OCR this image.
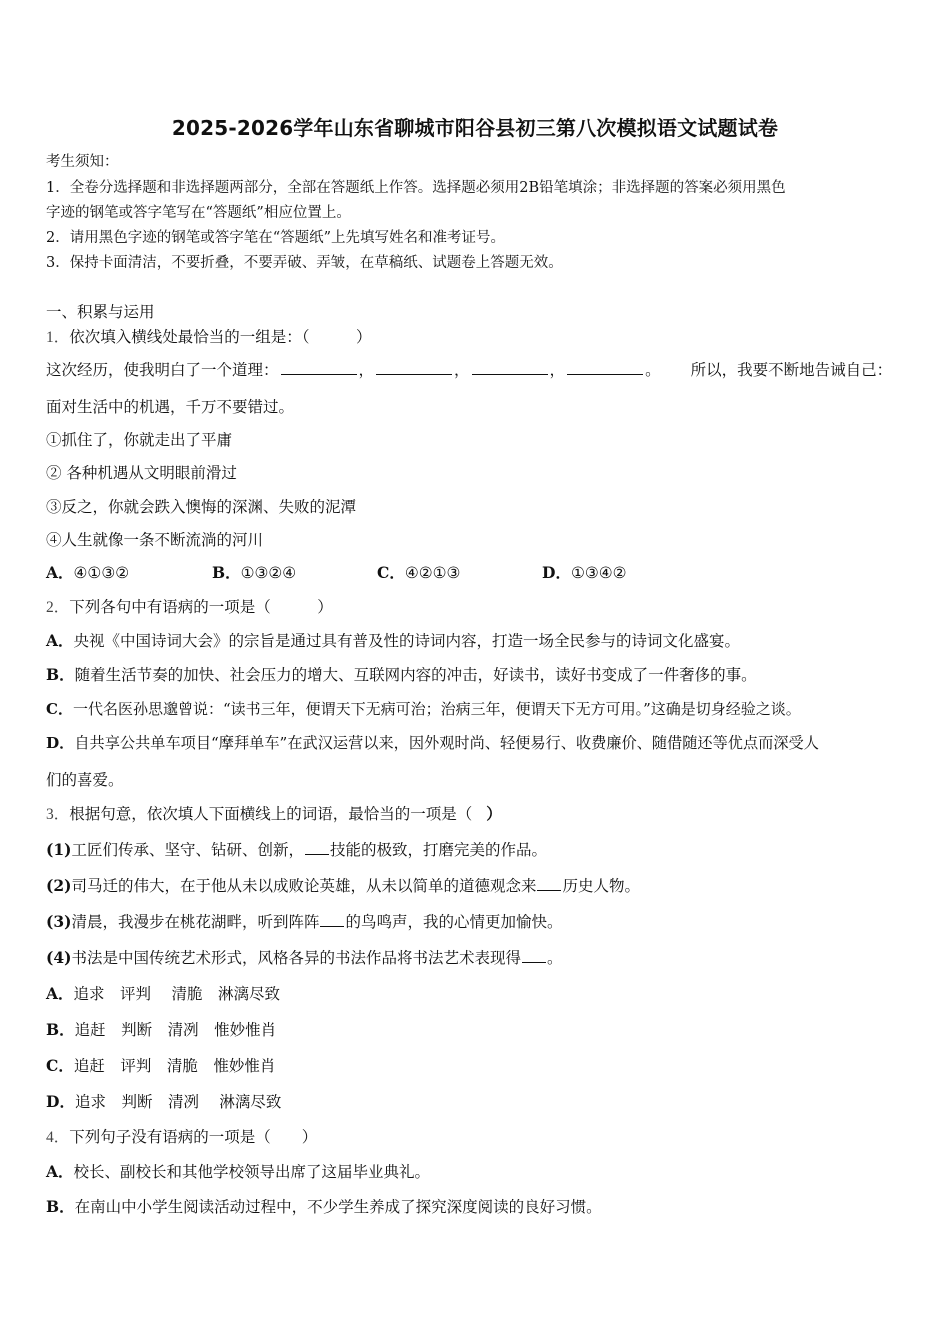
2025-2026学年山东省聊城市阳谷县初三第八次模拟语文试题试卷
考生须知：
1．全卷分选择题和非选择题两部分，全部在答题纸上作答。选择题必须用2B铅笔填涂；非选择题的答案必须用黑色
字迹的钢笔或答字笔写在“答题纸”相应位置上。
2．请用黑色字迹的钢笔或答字笔在“答题纸”上先填写姓名和准考证号。
3．保持卡面清洁，不要折叠，不要弄破、弄皱，在草稿纸、试题卷上答题无效。
一、积累与运用
1．依次填入横线处最恰当的一组是：（　　　）
这次经历，使我明白了一个道理：	，	，	，	。 所以，我要不断地告诫自己：
面对生活中的机遇，千万不要错过。
①抓住了，你就走出了平庸
② 各种机遇从文明眼前滑过
③反之，你就会跌入懊悔的深渊、失败的泥潭
④人生就像一条不断流淌的河川
A．④①③②	B．①③②④	C．④②①③	D．①③④②
2．下列各句中有语病的一项是（　　　）
A．央视《中国诗词大会》的宗旨是通过具有普及性的诗词内容，打造一场全民参与的诗词文化盛宴。
B．随着生活节奏的加快、社会压力的增大、互联网内容的冲击，好读书，读好书变成了一件奢侈的事。
C．一代名医孙思邈曾说：“读书三年，便谓天下无病可治；治病三年，便谓天下无方可用。”这确是切身经验之谈。
D．自共享公共单车项目“摩拜单车”在武汉运营以来，因外观时尚、轻便易行、收费廉价、随借随还等优点而深受人
们的喜爱。
3．根据句意，依次填人下面横线上的词语，最恰当的一项是（ ）
(1)工匠们传承、坚守、钻研、创新， 技能的极致，打磨完美的作品。
(2)司马迁的伟大，在于他从未以成败论英雄，从未以简单的道德观念来 历史人物。
(3)清晨，我漫步在桃花湖畔，听到阵阵 的鸟鸣声，我的心情更加愉快。
(4)书法是中国传统艺术形式，风格各异的书法作品将书法艺术表现得 。
A．追求　评判　 清脆　淋漓尽致
B．追赶　判断　清冽　惟妙惟肖
C．追赶　评判　清脆　惟妙惟肖
D．追求　判断　清冽　 淋漓尽致
4．下列句子没有语病的一项是（　　）
A．校长、副校长和其他学校领导出席了这届毕业典礼。
B．在南山中小学生阅读活动过程中，不少学生养成了探究深度阅读的良好习惯。
